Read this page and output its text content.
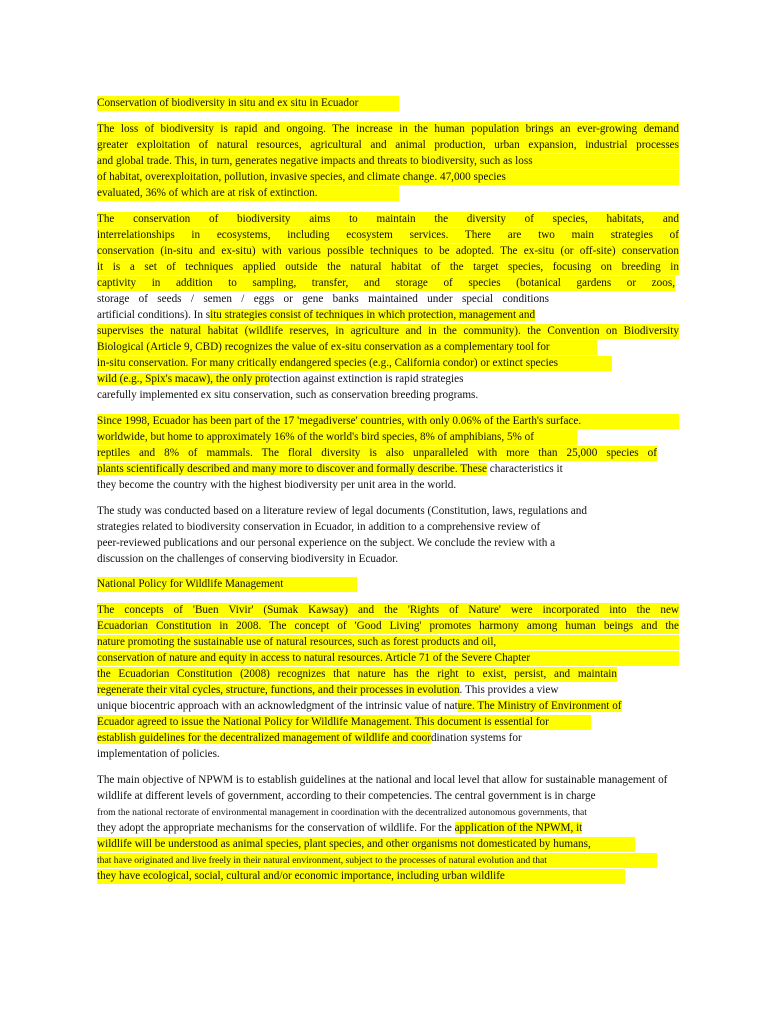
Conservation of biodiversity in situ and ex situ in Ecuador
The loss of biodiversity is rapid and ongoing. The increase in the human population brings an ever-growing demand
greater exploitation of natural resources, agricultural and animal production, urban expansion, industrial processes
and global trade. This, in turn, generates negative impacts and threats to biodiversity, such as loss
of habitat, overexploitation, pollution, invasive species, and climate change. 47,000 species
evaluated, 36% of which are at risk of extinction.
The conservation of biodiversity aims to maintain the diversity of species, habitats, and
interrelationships in ecosystems, including ecosystem services. There are two main strategies of
conservation (in-situ and ex-situ) with various possible techniques to be adopted. The ex-situ (or off-site) conservation
it is a set of techniques applied outside the natural habitat of the target species, focusing on breeding in
captivity in addition to sampling, transfer, and storage of species (botanical gardens or zoos,
storage of seeds / semen / eggs or gene banks maintained under special conditions
artificial conditions). In situ strategies consist of techniques in which protection, management and
supervises the natural habitat (wildlife reserves, in agriculture and in the community). the Convention on Biodiversity
Biological (Article 9, CBD) recognizes the value of ex-situ conservation as a complementary tool for
in-situ conservation. For many critically endangered species (e.g., California condor) or extinct species
wild (e.g., Spix's macaw), the only protection against extinction is rapid strategies
carefully implemented ex situ conservation, such as conservation breeding programs.
Since 1998, Ecuador has been part of the 17 'megadiverse' countries, with only 0.06% of the Earth's surface.
worldwide, but home to approximately 16% of the world's bird species, 8% of amphibians, 5% of
reptiles and 8% of mammals. The floral diversity is also unparalleled with more than 25,000 species of
plants scientifically described and many more to discover and formally describe. These characteristics it
they become the country with the highest biodiversity per unit area in the world.
The study was conducted based on a literature review of legal documents (Constitution, laws, regulations and
strategies related to biodiversity conservation in Ecuador, in addition to a comprehensive review of
peer-reviewed publications and our personal experience on the subject. We conclude the review with a
discussion on the challenges of conserving biodiversity in Ecuador.
National Policy for Wildlife Management
The concepts of 'Buen Vivir' (Sumak Kawsay) and the 'Rights of Nature' were incorporated into the new
Ecuadorian Constitution in 2008. The concept of 'Good Living' promotes harmony among human beings and the
nature promoting the sustainable use of natural resources, such as forest products and oil,
conservation of nature and equity in access to natural resources. Article 71 of the Severe Chapter
the Ecuadorian Constitution (2008) recognizes that nature has the right to exist, persist, and maintain
regenerate their vital cycles, structure, functions, and their processes in evolution. This provides a view
unique biocentric approach with an acknowledgment of the intrinsic value of nature. The Ministry of Environment of
Ecuador agreed to issue the National Policy for Wildlife Management. This document is essential for
establish guidelines for the decentralized management of wildlife and coordination systems for
implementation of policies.
The main objective of NPWM is to establish guidelines at the national and local level that allow for sustainable management of
wildlife at different levels of government, according to their competencies. The central government is in charge
from the national rectorate of environmental management in coordination with the decentralized autonomous governments, that
they adopt the appropriate mechanisms for the conservation of wildlife. For the application of the NPWM, it
wildlife will be understood as animal species, plant species, and other organisms not domesticated by humans,
that have originated and live freely in their natural environment, subject to the processes of natural evolution and that
they have ecological, social, cultural and/or economic importance, including urban wildlife
